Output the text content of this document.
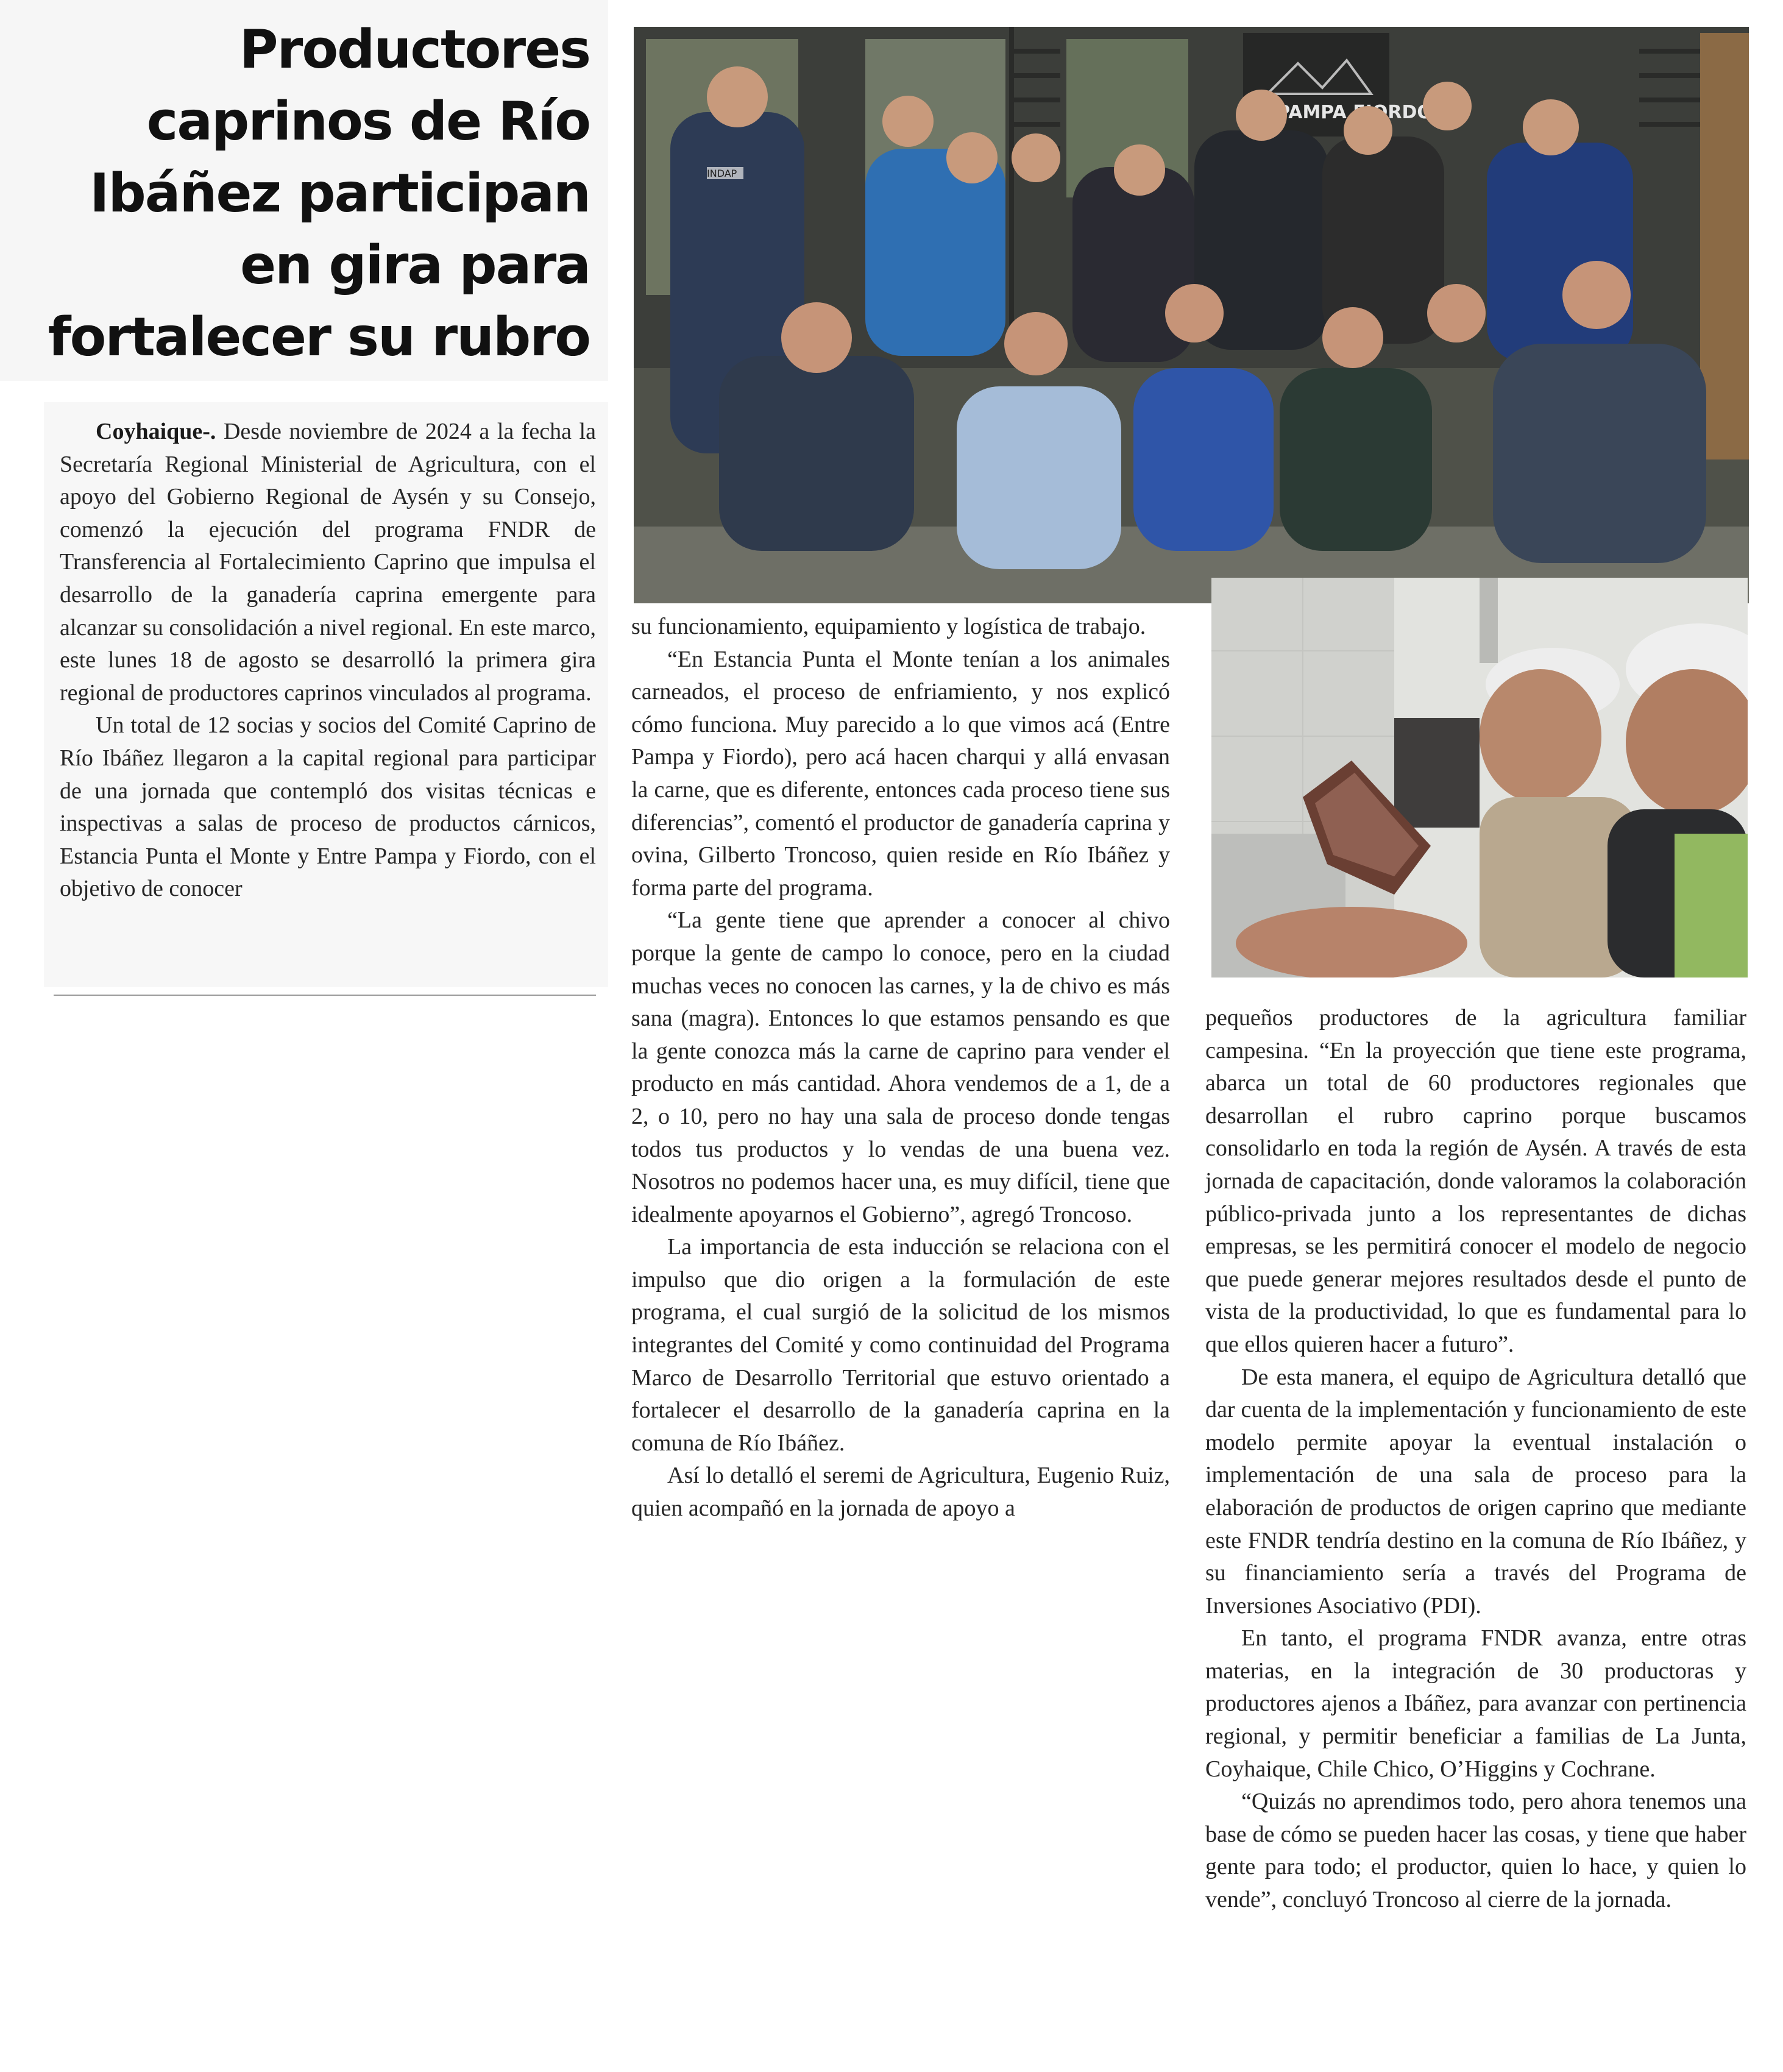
Productores caprinos de Río Ibáñez participan en gira para fortalecer su rubro

Coyhaique-. Desde noviembre de 2024 a la fecha la Secretaría Regional Ministerial de Agricultura, con el apoyo del Gobierno Regional de Aysén y su Consejo, comenzó la ejecución del programa FNDR de Transferencia al Fortalecimiento Caprino que impulsa el desarrollo de la ganadería caprina emergente para alcanzar su consolidación a nivel regional. En este marco, este lunes 18 de agosto se desarrolló la primera gira regional de productores caprinos vinculados al programa.

Un total de 12 socias y socios del Comité Caprino de Río Ibáñez llegaron a la capital regional para participar de una jornada que contempló dos visitas técnicas e inspectivas a salas de proceso de productos cárnicos, Estancia Punta el Monte y Entre Pampa y Fiordo, con el objetivo de conocer

PAMPA FIORDO
INDAP

su funcionamiento, equipamiento y logística de trabajo.

“En Estancia Punta el Monte tenían a los animales carneados, el proceso de enfriamiento, y nos explicó cómo funciona. Muy parecido a lo que vimos acá (Entre Pampa y Fiordo), pero acá hacen charqui y allá envasan la carne, que es diferente, entonces cada proceso tiene sus diferencias”, comentó el productor de ganadería caprina y ovina, Gilberto Troncoso, quien reside en Río Ibáñez y forma parte del programa.

“La gente tiene que aprender a conocer al chivo porque la gente de campo lo conoce, pero en la ciudad muchas veces no conocen las carnes, y la de chivo es más sana (magra). Entonces lo que estamos pensando es que la gente conozca más la carne de caprino para vender el producto en más cantidad. Ahora vendemos de a 1, de a 2, o 10, pero no hay una sala de proceso donde tengas todos tus productos y lo vendas de una buena vez. Nosotros no podemos hacer una, es muy difícil, tiene que idealmente apoyarnos el Gobierno”, agregó Troncoso.

La importancia de esta inducción se relaciona con el impulso que dio origen a la formulación de este programa, el cual surgió de la solicitud de los mismos integrantes del Comité y como continuidad del Programa Marco de Desarrollo Territorial que estuvo orientado a fortalecer el desarrollo de la ganadería caprina en la comuna de Río Ibáñez.

Así lo detalló el seremi de Agricultura, Eugenio Ruiz, quien acompañó en la jornada de apoyo a

pequeños productores de la agricultura familiar campesina. “En la proyección que tiene este programa, abarca un total de 60 productores regionales que desarrollan el rubro caprino porque buscamos consolidarlo en toda la región de Aysén. A través de esta jornada de capacitación, donde valoramos la colaboración público-privada junto a los representantes de dichas empresas, se les permitirá conocer el modelo de negocio que puede generar mejores resultados desde el punto de vista de la productividad, lo que es fundamental para lo que ellos quieren hacer a futuro”.

De esta manera, el equipo de Agricultura detalló que dar cuenta de la implementación y funcionamiento de este modelo permite apoyar la eventual instalación o implementación de una sala de proceso para la elaboración de productos de origen caprino que mediante este FNDR tendría destino en la comuna de Río Ibáñez, y su financiamiento sería a través del Programa de Inversiones Asociativo (PDI).

En tanto, el programa FNDR avanza, entre otras materias, en la integración de 30 productoras y productores ajenos a Ibáñez, para avanzar con pertinencia regional, y permitir beneficiar a familias de La Junta, Coyhaique, Chile Chico, O’Higgins y Cochrane.

“Quizás no aprendimos todo, pero ahora tenemos una base de cómo se pueden hacer las cosas, y tiene que haber gente para todo; el productor, quien lo hace, y quien lo vende”, concluyó Troncoso al cierre de la jornada.
